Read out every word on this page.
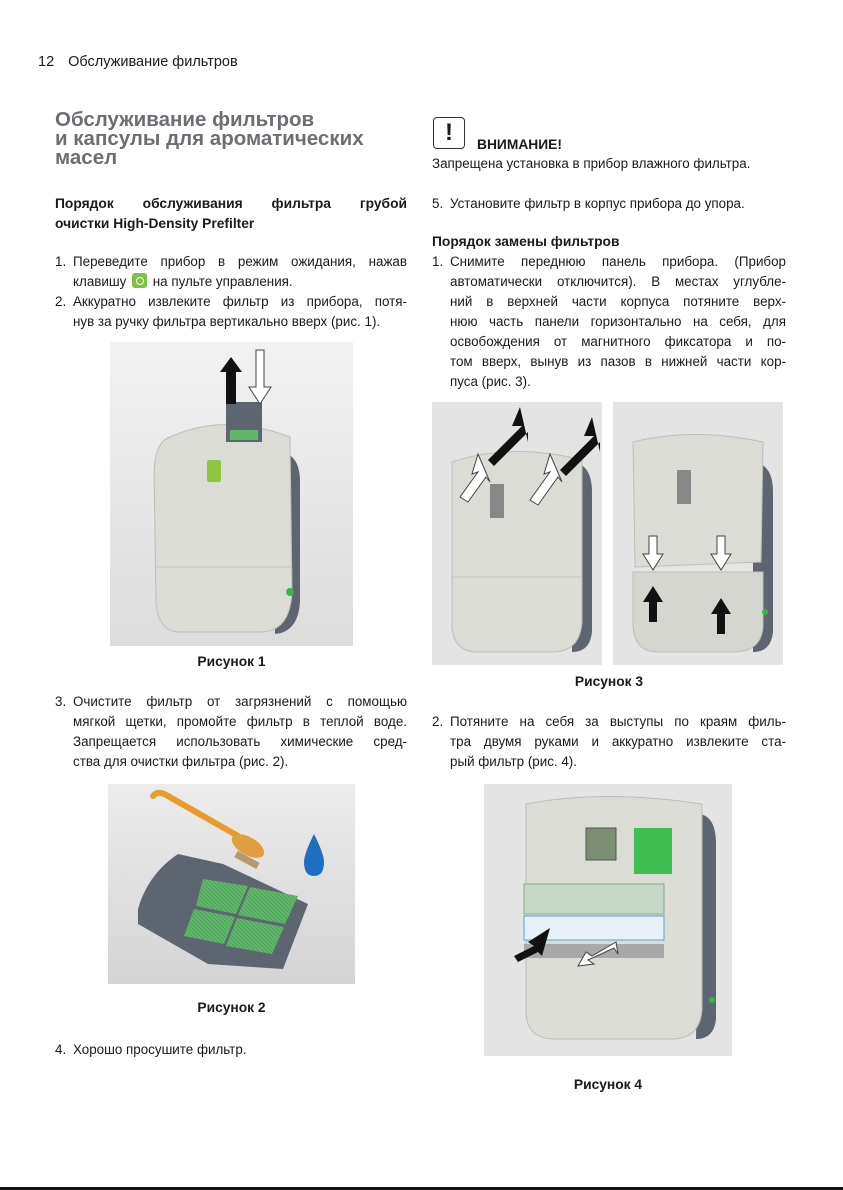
12 Обслуживание фильтров
Обслуживание фильтров
и капсулы для ароматических
масел
Порядок обслуживания фильтра грубой
очистки High-Density Prefilter
1. Переведите прибор в режим ожидания, нажав
клавишу на пульте управления.
2. Аккуратно извлеките фильтр из прибора, потя-
нув за ручку фильтра вертикально вверх (рис. 1).
Рисунок 1
3. Очистите фильтр от загрязнений с помощью
мягкой щетки, промойте фильтр в теплой воде.
Запрещается использовать химические сред-
ства для очистки фильтра (рис. 2).
Рисунок 2
4. Хорошо просушите фильтр.
!	ВНИМАНИЕ!
Запрещена установка в прибор влажного фильтра.
5. Установите фильтр в корпус прибора до упора.
Порядок замены фильтров
1. Снимите переднюю панель прибора. (Прибор
автоматически отключится). В местах углубле-
ний в верхней части корпуса потяните верх-
нюю часть панели горизонтально на себя, для
освобождения от магнитного фиксатора и по-
том вверх, вынув из пазов в нижней части кор-
пуса (рис. 3).
Рисунок 3
2. Потяните на себя за выступы по краям филь-
тра двумя руками и аккуратно извлеките ста-
рый фильтр (рис. 4).
Рисунок 4
